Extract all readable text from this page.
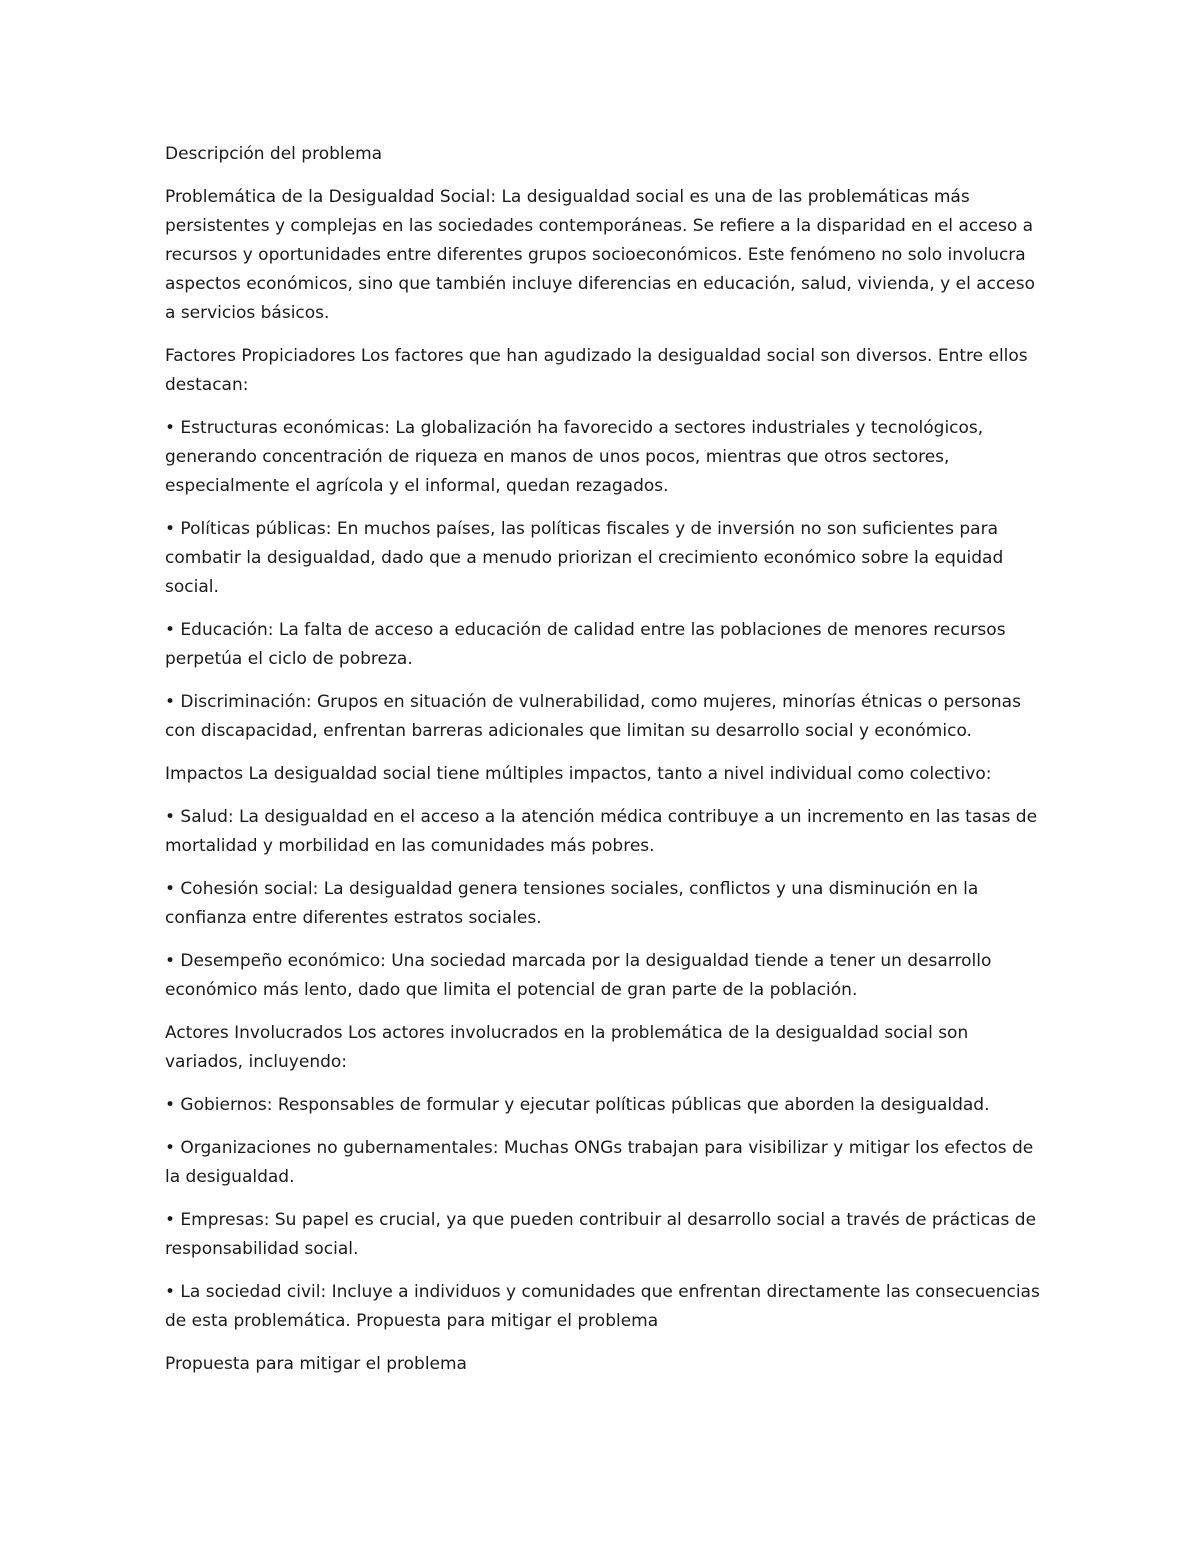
Descripción del problema

Problemática de la Desigualdad Social: La desigualdad social es una de las problemáticas más persistentes y complejas en las sociedades contemporáneas. Se refiere a la disparidad en el acceso a recursos y oportunidades entre diferentes grupos socioeconómicos. Este fenómeno no solo involucra aspectos económicos, sino que también incluye diferencias en educación, salud, vivienda, y el acceso a servicios básicos.

Factores Propiciadores Los factores que han agudizado la desigualdad social son diversos. Entre ellos destacan:

• Estructuras económicas: La globalización ha favorecido a sectores industriales y tecnológicos, generando concentración de riqueza en manos de unos pocos, mientras que otros sectores, especialmente el agrícola y el informal, quedan rezagados.

• Políticas públicas: En muchos países, las políticas fiscales y de inversión no son suficientes para combatir la desigualdad, dado que a menudo priorizan el crecimiento económico sobre la equidad social.

• Educación: La falta de acceso a educación de calidad entre las poblaciones de menores recursos perpetúa el ciclo de pobreza.

• Discriminación: Grupos en situación de vulnerabilidad, como mujeres, minorías étnicas o personas con discapacidad, enfrentan barreras adicionales que limitan su desarrollo social y económico.

Impactos La desigualdad social tiene múltiples impactos, tanto a nivel individual como colectivo:

• Salud: La desigualdad en el acceso a la atención médica contribuye a un incremento en las tasas de mortalidad y morbilidad en las comunidades más pobres.

• Cohesión social: La desigualdad genera tensiones sociales, conflictos y una disminución en la confianza entre diferentes estratos sociales.

• Desempeño económico: Una sociedad marcada por la desigualdad tiende a tener un desarrollo económico más lento, dado que limita el potencial de gran parte de la población.

Actores Involucrados Los actores involucrados en la problemática de la desigualdad social son variados, incluyendo:

• Gobiernos: Responsables de formular y ejecutar políticas públicas que aborden la desigualdad.

• Organizaciones no gubernamentales: Muchas ONGs trabajan para visibilizar y mitigar los efectos de la desigualdad.

• Empresas: Su papel es crucial, ya que pueden contribuir al desarrollo social a través de prácticas de responsabilidad social.

• La sociedad civil: Incluye a individuos y comunidades que enfrentan directamente las consecuencias de esta problemática. Propuesta para mitigar el problema

Propuesta para mitigar el problema
